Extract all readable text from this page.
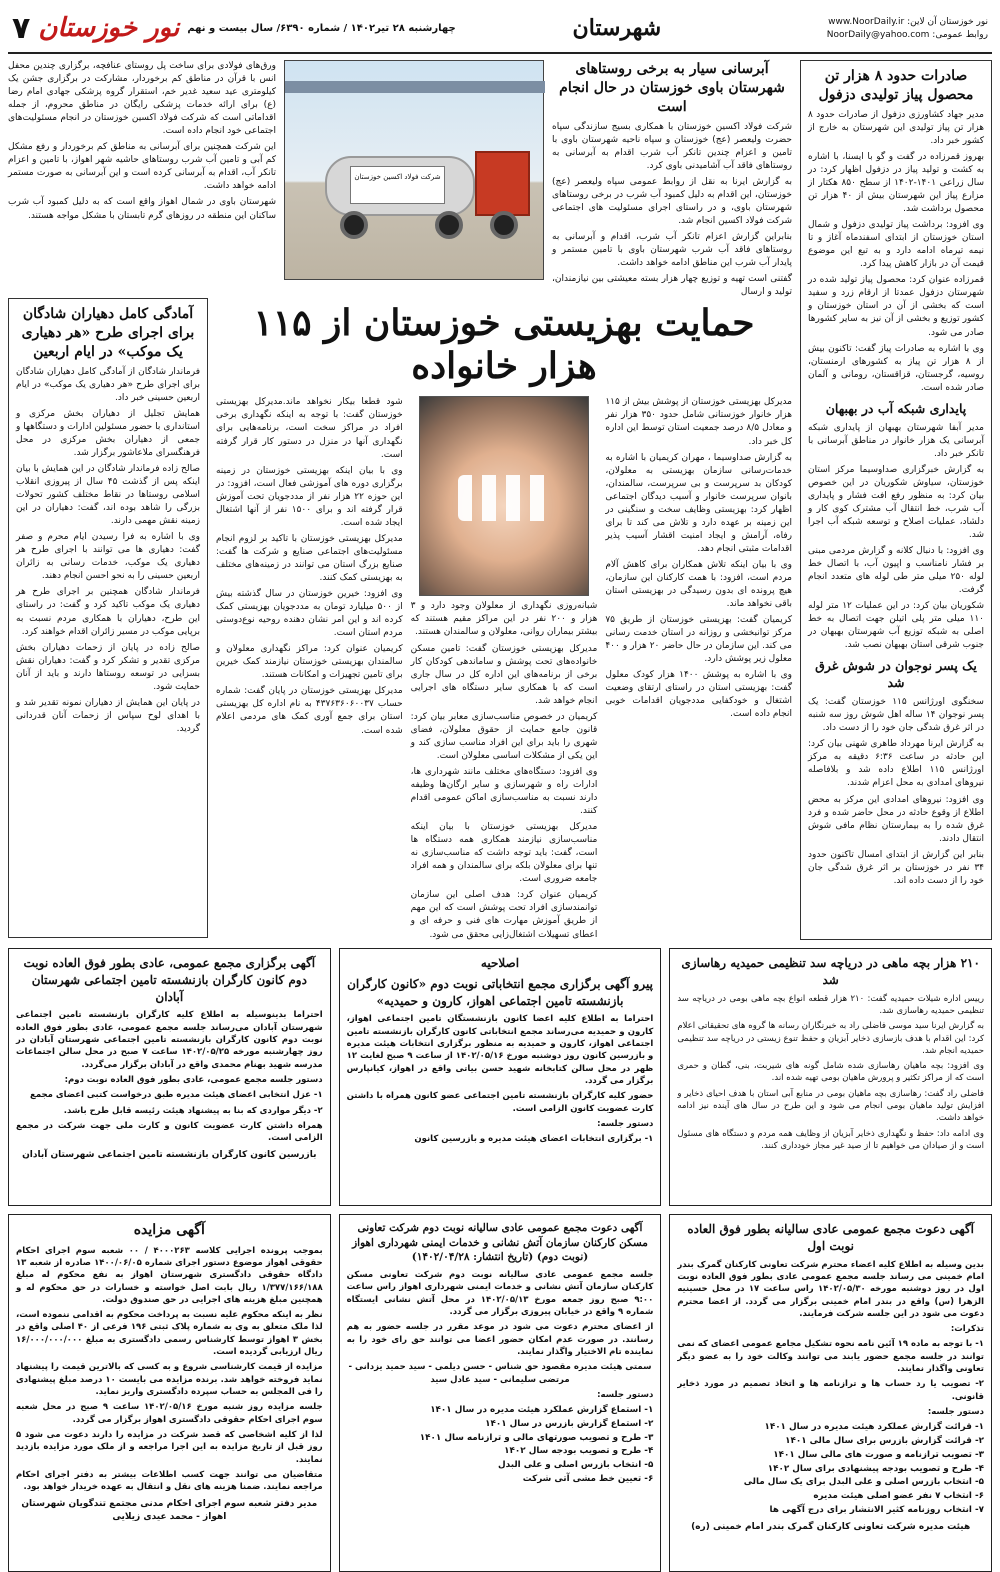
www.NoorDaily.ir :نور خوزستان آن لاین
NoorDaily@yahoo.com :روابط عمومی
شهرستان
چهارشنبه ۲۸ تیر۱۴۰۲ / شماره ۶۳۹۰/ سال بیست و نهم
نور خوزستان
۷
صادرات حدود ۸ هزار تن محصول پیاز تولیدی دزفول

مدیر جهاد کشاورزی دزفول از صادرات حدود ۸ هزار تن پیاز تولیدی این شهرستان به خارج از کشور خبر داد.

بهروز قمرزاده در گفت و گو با ایسنا، با اشاره به کشت و تولید پیاز در دزفول اظهار کرد: در سال زراعی ۱۴۰۱-۱۴۰۲ از سطح ۸۵۰ هکتار از مزارع پیاز این شهرستان بیش از ۴۰ هزار تن محصول برداشت شد.

وی افزود: برداشت پیاز تولیدی دزفول و شمال استان خوزستان از ابتدای اسفندماه آغاز و تا نیمه تیرماه ادامه دارد و به تبع این موضوع قیمت آن در بازار کاهش پیدا کرد.

قمرزاده عنوان کرد: محصول پیاز تولید شده در شهرستان دزفول عمدتا از ارقام زرد و سفید است که بخشی از آن در استان خوزستان و کشور توزیع و بخشی از آن نیز به سایر کشورها صادر می شود.

وی با اشاره به صادرات پیاز گفت: تاکنون بیش از ۸ هزار تن پیاز به کشورهای ارمنستان، روسیه، گرجستان، قزاقستان، رومانی و آلمان صادر شده است.

پایداری شبکه آب در بهبهان

مدیر آبفا شهرستان بهبهان از پایداری شبکه آبرسانی یک هزار خانوار در مناطق آبرسانی با تانکر خبر داد.

به گزارش خبرگزاری صداوسیما مرکز استان خوزستان، سیاوش شکوریان در این خصوص بیان کرد: به منظور رفع افت فشار و پایداری آب شرب، خط انتقال آب مشترک کوی کار و دلشاد، عملیات اصلاح و توسعه شبکه آب اجرا شد.

وی افزود: با دنبال کلانه و گزارش مردمی مبنی بر فشار نامناسب و اپیون آب، با اتصال خط لوله ۲۵۰ میلی متر طی لوله های متعدد انجام گرفت.

شکوریان بیان کرد: در این عملیات ۱۲ متر لوله ۱۱۰ میلی متر پلی اتیلن جهت اتصال به خط اصلی به شبکه توزیع آب شهرستان بهبهان در جنوب شرقی استان بهبهان نصب شد.

یک پسر نوجوان در شوش غرق شد

سخنگوی اورژانس ۱۱۵ خوزستان گفت: یک پسر نوجوان ۱۴ ساله اهل شوش روز سه شنبه در اثر غرق شدگی جان خود را از دست داد.

به گزارش ایرنا مهرداد طاهری شهنی بیان کرد: این حادثه در ساعت ۶:۳۶ دقیقه به مرکز اورژانس ۱۱۵ اطلاع داده شد و بلافاصله نیروهای امدادی به محل اعزام شدند.

وی افزود: نیروهای امدادی این مرکز به محض اطلاع از وقوع حادثه در محل حاضر شده و فرد غرق شده را به بیمارستان نظام مافی شوش انتقال دادند.

بنابر این گزارش از ابتدای امسال تاکنون حدود ۳۴ نفر در خوزستان بر اثر غرق شدگی جان خود را از دست داده اند.

آبرسانی سیار به برخی روستاهای شهرستان باوی خوزستان در حال انجام است

شرکت فولاد اکسین خوزستان با همکاری بسیج سازندگی سپاه حضرت ولیعصر (عج) خوزستان و سپاه ناحیه شهرستان باوی با تامین و اعزام چندین تانکر آب شرب اقدام به آبرسانی به روستاهای فاقد آب آشامیدنی باوی کرد.

به گزارش ایرنا به نقل از روابط عمومی سپاه ولیعصر (عج) خوزستان، این اقدام به دلیل کمبود آب شرب در برخی روستاهای شهرستان باوی، و در راستای اجرای مسئولیت های اجتماعی شرکت فولاد اکسین انجام شد.

بنابراین گزارش اعزام تانکر آب شرب، اقدام و آبرسانی به روستاهای فاقد آب شرب شهرستان باوی با تامین مستمر و پایدار آب شرب این مناطق ادامه خواهد داشت.

گفتنی است تهیه و توزیع چهار هزار بسته معیشتی بین نیازمندان، تولید و ارسال

شرکت فولاد اکسین خوزستان

ورق‌های فولادی برای ساخت پل روستای عنافچه، برگزاری چندین محفل انس با قرآن در مناطق کم برخوردار، مشارکت در برگزاری جشن یک کیلومتری عید سعید غدیر خم، استقرار گروه پزشکی جهادی امام رضا (ع) برای ارائه خدمات پزشکی رایگان در مناطق محروم، از جمله اقداماتی است که شرکت فولاد اکسین خوزستان در انجام مسئولیت‌های اجتماعی خود انجام داده است.

این شرکت همچنین برای آبرسانی به مناطق کم برخوردار و رفع مشکل کم آبی و تامین آب شرب روستاهای حاشیه شهر اهواز، با تامین و اعزام تانکر آب، اقدام به آبرسانی کرده است و این آبرسانی به صورت مستمر ادامه خواهد داشت.

شهرستان باوی در شمال اهواز واقع است که به دلیل کمبود آب شرب ساکنان این منطقه در روزهای گرم تابستان با مشکل مواجه هستند.

حمایت بهزیستی خوزستان از ۱۱۵ هزار خانواده

مدیرکل بهزیستی خوزستان از پوشش بیش از ۱۱۵ هزار خانوار خوزستانی شامل حدود ۳۵۰ هزار نفر و معادل ۸/۵ درصد جمعیت استان توسط این اداره کل خبر داد.

به گزارش صداوسیما ، مهران کریمیان با اشاره به خدمات‌رسانی سازمان بهزیستی به معلولان، کودکان بد سرپرست و بی سرپرست، سالمندان، بانوان سرپرست خانوار و آسیب دیدگان اجتماعی اظهار کرد: بهزیستی وظایف سخت و سنگینی در این زمینه بر عهده دارد و تلاش می کند تا برای رفاه، آرامش و ایجاد امنیت اقشار آسیب پذیر اقدامات مثبتی انجام دهد.

وی با بیان اینکه تلاش همکاران برای کاهش آلام مردم است، افزود: با همت کارکنان این سازمان، هیچ پرونده ای بدون رسیدگی در بهزیستی استان باقی نخواهد ماند.

کریمیان گفت: بهزیستی خوزستان از طریق ۷۵ مرکز توانبخشی و روزانه در استان خدمت رسانی می کند. این سازمان در حال حاضر ۲۰ هزار و ۴۰۰ معلول زیر پوشش دارد.

وی با اشاره به پوشش ۱۴۰۰ هزار کودک معلول گفت: بهزیستی استان در راستای ارتقای وضعیت اشتغال و خودکفایی مددجویان اقدامات خوبی انجام داده است.

شبانه‌روزی نگهداری از معلولان وجود دارد و ۳ هزار و ۲۰۰ نفر در این مراکز مقیم هستند که بیشتر بیماران روانی، معلولان و سالمندان هستند.

مدیرکل بهزیستی خوزستان گفت: تامین مسکن خانواده‌های تحت پوشش و ساماندهی کودکان کار برخی از برنامه‌های این اداره کل در سال جاری است که با همکاری سایر دستگاه های اجرایی انجام خواهد شد.

کریمیان در خصوص مناسب‌سازی معابر بیان کرد: قانون جامع حمایت از حقوق معلولان، فضای شهری را باید برای این افراد مناسب سازی کند و این یکی از مشکلات اساسی معلولان است.

وی افزود: دستگاه‌های مختلف مانند شهرداری ها، ادارات راه و شهرسازی و سایر ارگان‌ها وظیفه دارند نسبت به مناسب‌سازی اماکن عمومی اقدام کنند.

مدیرکل بهزیستی خوزستان با بیان اینکه مناسب‌سازی نیازمند همکاری همه دستگاه ها است، گفت: باید توجه داشت که مناسب‌سازی نه تنها برای معلولان بلکه برای سالمندان و همه افراد جامعه ضروری است.

کریمیان عنوان کرد: هدف اصلی این سازمان توانمندسازی افراد تحت پوشش است که این مهم از طریق آموزش مهارت های فنی و حرفه ای و اعطای تسهیلات اشتغال‌زایی محقق می شود.

شود قطعا بیکار نخواهد ماند.مدیرکل بهزیستی خوزستان گفت: با توجه به اینکه نگهداری برخی افراد در مراکز سخت است، برنامه‌هایی برای نگهداری آنها در منزل در دستور کار قرار گرفته است.

وی با بیان اینکه بهزیستی خوزستان در زمینه برگزاری دوره های آموزشی فعال است، افزود: در این حوزه ۲۲ هزار نفر از مددجویان تحت آموزش قرار گرفته اند و برای ۱۵۰۰ نفر از آنها اشتغال ایجاد شده است.

مدیرکل بهزیستی خوزستان با تاکید بر لزوم انجام مسئولیت‌های اجتماعی صنایع و شرکت ها گفت: صنایع بزرگ استان می توانند در زمینه‌های مختلف به بهزیستی کمک کنند.

وی افزود: خیرین خوزستان در سال گذشته بیش از ۵۰۰ میلیارد تومان به مددجویان بهزیستی کمک کرده اند و این امر نشان دهنده روحیه نوع‌دوستی مردم استان است.

کریمیان عنوان کرد: مراکز نگهداری معلولان و سالمندان بهزیستی خوزستان نیازمند کمک خیرین برای تامین تجهیزات و امکانات هستند.

مدیرکل بهزیستی خوزستان در پایان گفت: شماره حساب ۴۳۷۶۳۶۰۶۰۰۳۷ به نام اداره کل بهزیستی استان برای جمع آوری کمک های مردمی اعلام شده است.

آمادگی کامل دهیاران شادگان برای اجرای طرح «هر دهیاری یک موکب» در ایام اربعین

فرماندار شادگان از آمادگی کامل دهیاران شادگان برای اجرای طرح «هر دهیاری یک موکب» در ایام اربعین حسینی خبر داد.

همایش تجلیل از دهیاران بخش مرکزی و استانداری با حضور مسئولین ادارات و دستگاهها و جمعی از دهیاران بخش مرکزی در محل فرهنگسرای ملاعاشور برگزار شد.

صالح زاده فرماندار شادگان در این همایش با بیان اینکه پس از گذشت ۴۵ سال از پیروزی انقلاب اسلامی روستاها در نقاط مختلف کشور تحولات بزرگی را شاهد بوده اند، گفت: دهیاران در این زمینه نقش مهمی دارند.

وی با اشاره به فرا رسیدن ایام محرم و صفر گفت: دهیاری ها می توانند با اجرای طرح هر دهیاری یک موکب، خدمات رسانی به زائران اربعین حسینی را به نحو احسن انجام دهند.

فرماندار شادگان همچنین بر اجرای طرح هر دهیاری یک موکب تاکید کرد و گفت: در راستای این طرح، دهیاران با همکاری مردم نسبت به برپایی موکب در مسیر زائران اقدام خواهند کرد.

صالح زاده در پایان از زحمات دهیاران بخش مرکزی تقدیر و تشکر کرد و گفت: دهیاران نقش بسزایی در توسعه روستاها دارند و باید از آنان حمایت شود.

در پایان این همایش از دهیاران نمونه تقدیر شد و با اهدای لوح سپاس از زحمات آنان قدردانی گردید.

۲۱۰ هزار بچه ماهی در دریاچه سد تنظیمی حمیدیه رهاسازی شد

رییس اداره شیلات حمیدیه گفت: ۲۱۰ هزار قطعه انواع بچه ماهی بومی در دریاچه سد تنظیمی حمیدیه رهاسازی شد.

به گزارش ایرنا سید موسی فاضلی راد به خبرنگاران رسانه ها گروه های تحقیقاتی اعلام کرد: این اقدام با هدف بازسازی ذخایر آبزیان و حفظ تنوع زیستی در دریاچه سد تنظیمی حمیدیه انجام شد.

وی افزود: بچه ماهیان رهاسازی شده شامل گونه های شیربت، بنی، گطان و حمری است که از مراکز تکثیر و پرورش ماهیان بومی تهیه شده اند.

فاضلی راد گفت: رهاسازی بچه ماهیان بومی در منابع آبی استان با هدف احیای ذخایر و افزایش تولید ماهیان بومی انجام می شود و این طرح در سال های آینده نیز ادامه خواهد داشت.

وی ادامه داد: حفظ و نگهداری ذخایر آبزیان از وظایف همه مردم و دستگاه های مسئول است و از صیادان می خواهیم تا از صید غیر مجاز خودداری کنند.

اصلاحیه
پیرو آگهی برگزاری مجمع انتخاباتی نوبت دوم «کانون کارگران بازنشسته تامین اجتماعی اهواز، کارون و حمیدیه»

احتراما به اطلاع کلیه اعضا کانون بازنشستگان تامین اجتماعی اهواز، کارون و حمیدیه می‌رساند مجمع انتخاباتی کانون کارگران بازنشسته تامین اجتماعی اهواز، کارون و حمیدیه به منظور برگزاری انتخابات هیئت مدیره و بازرسین کانون روز دوشنبه مورخ ۱۴۰۲/۰۵/۱۶ از ساعت ۹ صبح لغایت ۱۲ ظهر در محل سالن کتابخانه شهید حسن بیاتی واقع در اهواز، کیانپارس برگزار می گردد.

حضور کلیه کارگران بازنشسته تامین اجتماعی عضو کانون همراه با داشتن کارت عضویت کانون الزامی است.

دستور جلسه:

۱- برگزاری انتخابات اعضای هیئت مدیره و بازرسین کانون

آگهی برگزاری مجمع عمومی، عادی بطور فوق العاده نوبت دوم کانون کارگران بازنشسته تامین اجتماعی شهرستان آبادان

احتراما بدینوسیله به اطلاع کلیه کارگران بازنشسته تامین اجتماعی شهرستان آبادان می‌رساند جلسه مجمع عمومی، عادی بطور فوق العاده نوبت دوم کانون کارگران بازنشسته تامین اجتماعی شهرستان آبادان در روز چهارشنبه مورخه ۱۴۰۲/۰۵/۲۵ ساعت ۷ صبح در محل سالن اجتماعات مدرسه شهید بهنام محمدی واقع در آبادان برگزار می‌گردد.

دستور جلسه مجمع عمومی، عادی بطور فوق العاده نوبت دوم:

۱- عزل انتخابی اعضای هیئت مدیره طبق درخواست کتبی اعضای مجمع

۲- دیگر مواردی که بنا به پیشنهاد هیئت رئیسه قابل طرح باشد.

همراه داشتن کارت عضویت کانون و کارت ملی جهت شرکت در مجمع الزامی است.

بازرسین کانون کارگران بازنشسته تامین اجتماعی شهرستان آبادان
آگهی دعوت مجمع عمومی عادی سالیانه بطور فوق العاده نوبت اول

بدین وسیله به اطلاع کلیه اعضاء محترم شرکت تعاونی کارکنان گمرک بندر امام خمینی می رساند جلسه مجمع عمومی عادی بطور فوق العاده نوبت اول در روز دوشنبه مورخه ۱۴۰۲/۰۵/۳۰ راس ساعت ۱۷ در محل حسینیه الزهرا (س) واقع در بندر امام خمینی برگزار می گردد. از اعضا محترم دعوت می شود در این جلسه شرکت فرمایند.

تذکرات:

۱- با توجه به ماده ۱۹ آئین نامه نحوه تشکیل مجامع عمومی اعضای که نمی توانند در جلسه مجمع حضور یابند می توانند وکالت خود را به عضو دیگر تعاونی واگذار نمایند.

۲- تصویب یا رد حساب ها و ترازنامه ها و اتخاذ تصمیم در مورد ذخایر قانونی.

دستور جلسه:

۱- قرائت گزارش عملکرد هیئت مدیره در سال ۱۴۰۱
۲- قرائت گزارش بازرس برای سال مالی ۱۴۰۱
۳- تصویب ترازنامه و صورت های مالی سال ۱۴۰۱
۴- طرح و تصویب بودجه پیشنهادی برای سال ۱۴۰۲
۵- انتخاب بازرس اصلی و علی البدل برای یک سال مالی
۶- انتخاب ۷ نفر عضو اصلی هیئت مدیره
۷- انتخاب روزنامه کثیر الانتشار برای درج آگهی ها
هیئت مدیره شرکت تعاونی کارکنان گمرک بندر امام خمینی (ره)
آگهی دعوت مجمع عمومی عادی سالیانه نوبت دوم شرکت تعاونی مسکن کارکنان سازمان آتش نشانی و خدمات ایمنی شهرداری اهواز (نوبت دوم) (تاریخ انتشار: ۱۴۰۲/۰۴/۲۸)

جلسه مجمع عمومی عادی سالیانه نوبت دوم شرکت تعاونی مسکن کارکنان سازمان آتش نشانی و خدمات ایمنی شهرداری اهواز راس ساعت ۹:۰۰ صبح روز جمعه مورخ ۱۴۰۲/۰۵/۱۳ در محل آتش نشانی ایستگاه شماره ۹ واقع در خیابان پیروزی برگزار می گردد.

از اعضای محترم دعوت می شود در موعد مقرر در جلسه حضور به هم رسانند. در صورت عدم امکان حضور اعضا می توانند حق رای خود را به نماینده تام الاختیار واگذار نمایند.

سمتی هیئت مدیره مقصود حق شناس - حسن دیلمی - سید حمید یزدانی - مرتضی سلیمانی - سید عادل سید

دستور جلسه:

۱- استماع گزارش عملکرد هیئت مدیره در سال ۱۴۰۱
۲- استماع گزارش بازرس در سال ۱۴۰۱
۳- طرح و تصویب صورتهای مالی و ترازنامه سال ۱۴۰۱
۴- طرح و تصویب بودجه سال ۱۴۰۲
۵- انتخاب بازرس اصلی و علی البدل
۶- تعیین خط مشی آتی شرکت
آگهی مزایده

بموجب پرونده اجرایی کلاسه ۴۰۰۰۲۶۳ / ۰۰ شعبه سوم اجرای احکام حقوقی اهواز موضوع دستور اجرای شماره ۱۴۰۰/۰۶/۰۵ صادره از شعبه ۱۳ دادگاه حقوقی دادگستری شهرستان اهواز به نفع محکوم له مبلغ ۱/۳۷۷/۱۶۶/۱۸۸ ریال بابت اصل خواسته و خسارات در حق محکوم له و همچنین مبلغ هزینه های اجرایی در حق صندوق دولت.

نظر به اینکه محکوم علیه نسبت به پرداخت محکوم به اقدامی ننموده است، لذا ملک متعلق به وی به شماره پلاک ثبتی ۱۹۶ فرعی از ۴۰ اصلی واقع در بخش ۳ اهواز توسط کارشناس رسمی دادگستری به مبلغ ۱۶/۰۰۰/۰۰۰/۰۰۰ ریال ارزیابی گردیده است.

مزایده از قیمت کارشناسی شروع و به کسی که بالاترین قیمت را پیشنهاد نماید فروخته خواهد شد. برنده مزایده می بایست ۱۰ درصد مبلغ پیشنهادی را فی المجلس به حساب سپرده دادگستری واریز نماید.

جلسه مزایده روز شنبه مورخ ۱۴۰۲/۰۵/۱۶ ساعت ۹ صبح در محل شعبه سوم اجرای احکام حقوقی دادگستری اهواز برگزار می گردد.

لذا از کلیه اشخاصی که قصد شرکت در مزایده را دارند دعوت می شود ۵ روز قبل از تاریخ مزایده به این اجرا مراجعه و از ملک مورد مزایده بازدید نمایند.

متقاضیان می توانند جهت کسب اطلاعات بیشتر به دفتر اجرای احکام مراجعه نمایند. ضمنا هزینه های نقل و انتقال به عهده خریدار خواهد بود.

مدیر دفتر شعبه سوم اجرای احکام مدنی مجتمع تندگویان شهرستان اهواز - محمد عیدی زیلایی
